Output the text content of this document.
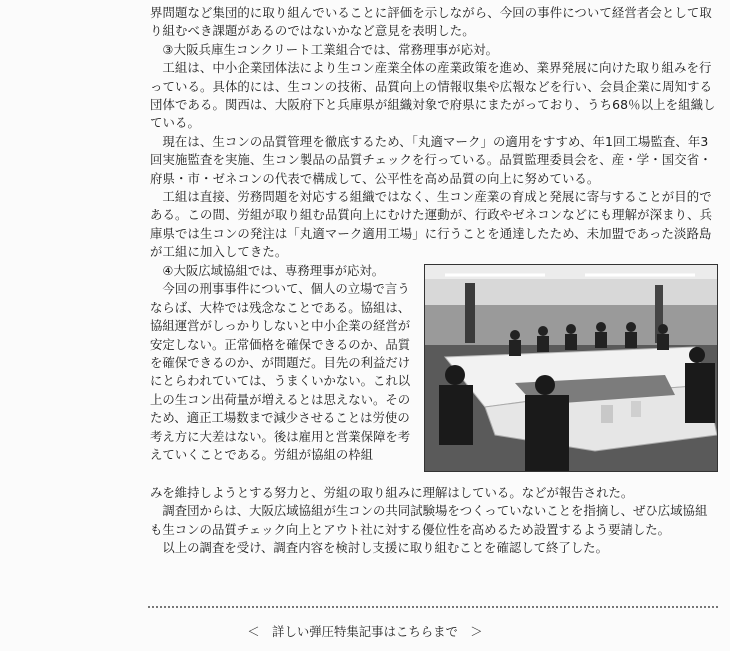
界問題など集団的に取り組んでいることに評価を示しながら、今回の事件について経営者会として取り組むべき課題があるのではないかなど意見を表明した。

③大阪兵庫生コンクリート工業組合では、常務理事が応対。

工組は、中小企業団体法により生コン産業全体の産業政策を進め、業界発展に向けた取り組みを行っている。具体的には、生コンの技術、品質向上の情報収集や広報などを行い、会員企業に周知する団体である。関西は、大阪府下と兵庫県が組織対象で府県にまたがっており、うち68％以上を組織している。

現在は、生コンの品質管理を徹底するため、「丸適マーク」の適用をすすめ、年1回工場監査、年3回実施監査を実施、生コン製品の品質チェックを行っている。品質監理委員会を、産・学・国交省・府県・市・ゼネコンの代表で構成して、公平性を高め品質の向上に努めている。

工組は直接、労務問題を対応する組織ではなく、生コン産業の育成と発展に寄与することが目的である。この間、労組が取り組む品質向上にむけた運動が、行政やゼネコンなどにも理解が深まり、兵庫県では生コンの発注は「丸適マーク適用工場」に行うことを通達したため、未加盟であった淡路島が工組に加入してきた。

④大阪広域協組では、専務理事が応対。

今回の刑事事件について、個人の立場で言うならば、大枠では残念なことである。協組は、協組運営がしっかりしないと中小企業の経営が安定しない。正常価格を確保できるのか、品質を確保できるのか、が問題だ。目先の利益だけにとらわれていては、うまくいかない。これ以上の生コン出荷量が増えるとは思えない。そのため、適正工場数まで減少させることは労使の考え方に大差はない。後は雇用と営業保障を考えていくことである。労組が協組の枠組

みを維持しようとする努力と、労組の取り組みに理解はしている。などが報告された。

調査団からは、大阪広域協組が生コンの共同試験場をつくっていないことを指摘し、ぜひ広域協組も生コンの品質チェック向上とアウト社に対する優位性を高めるため設置するよう要請した。

以上の調査を受け、調査内容を検討し支援に取り組むことを確認して終了した。

＜　詳しい弾圧特集記事はこちらまで　＞
